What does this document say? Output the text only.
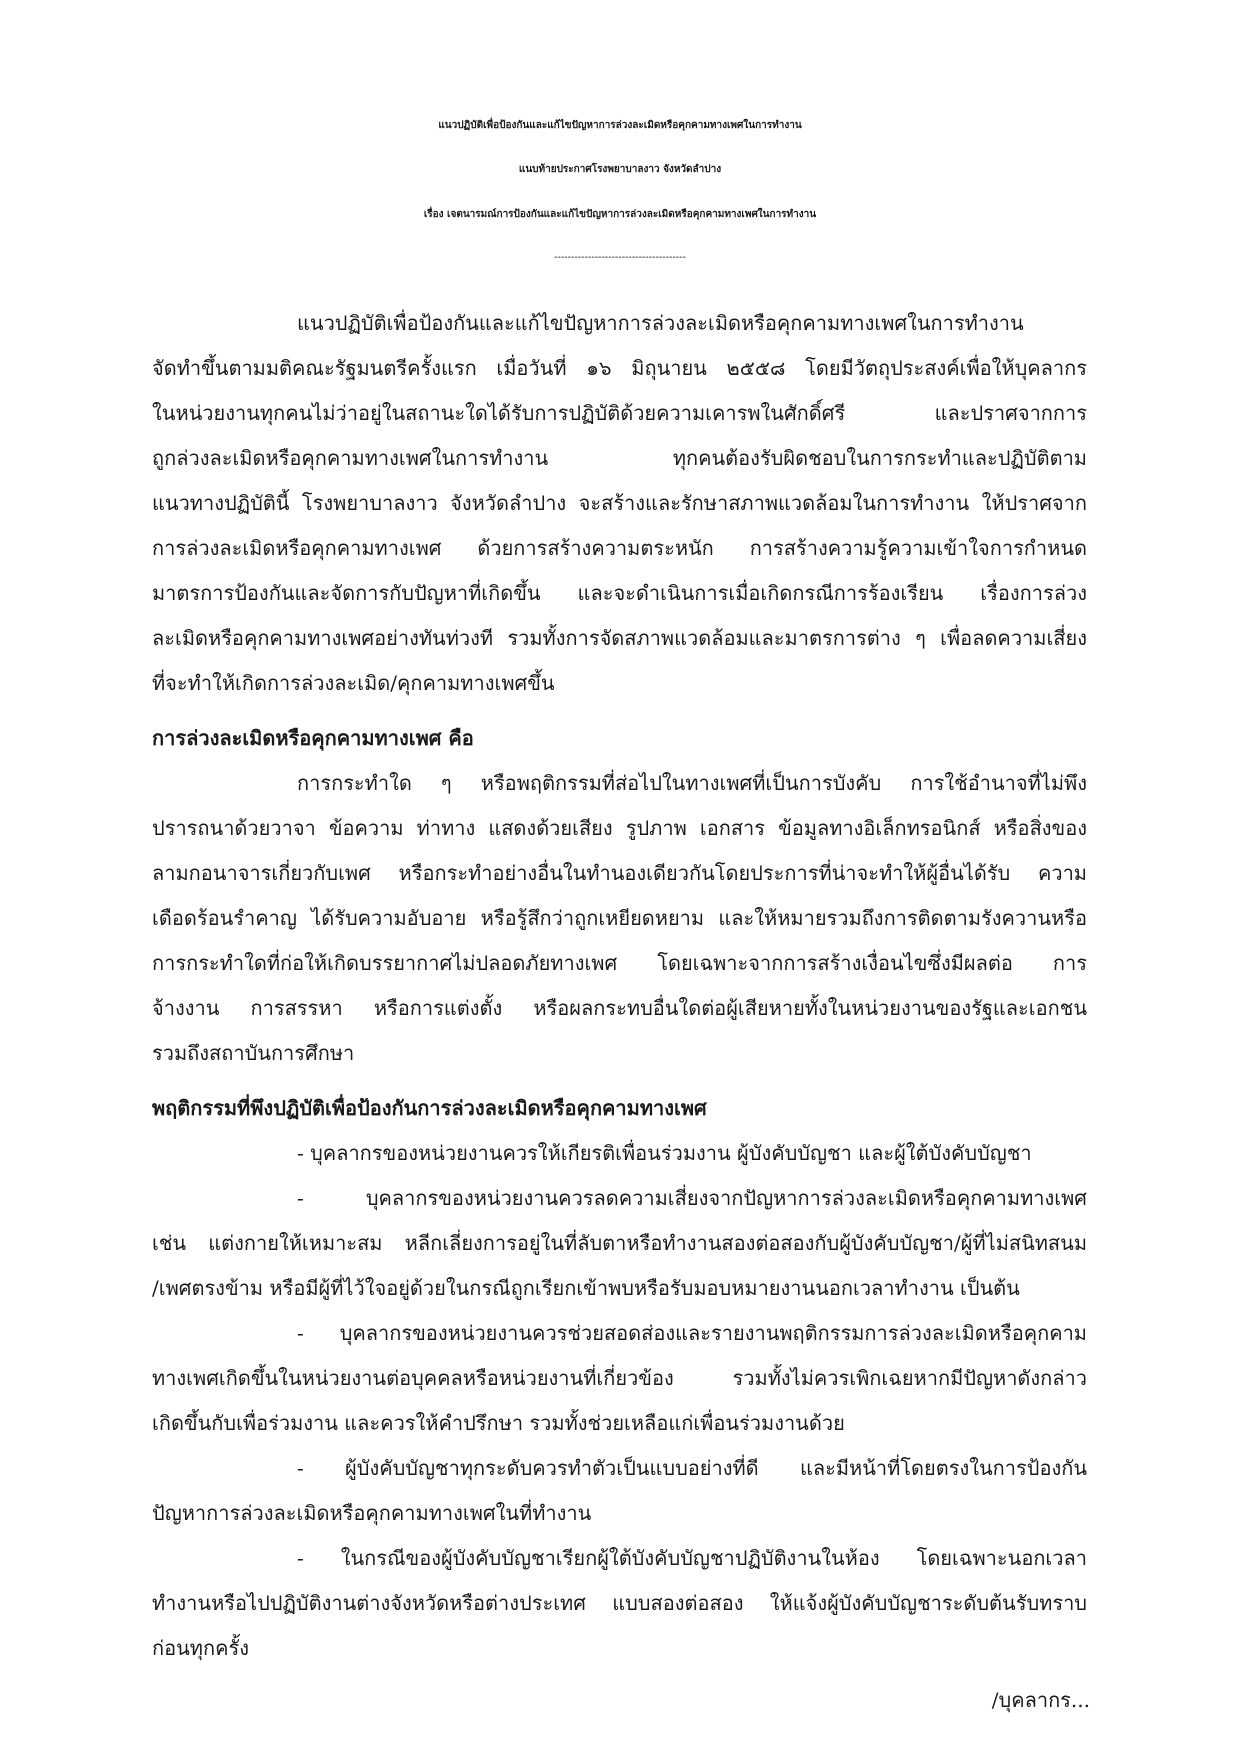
แนวปฏิบัติเพื่อป้องกันและแก้ไขปัญหาการล่วงละเมิดหรือคุกคามทางเพศในการทำงาน
แนบท้ายประกาศโรงพยาบาลงาว จังหวัดลำปาง
เรื่อง เจตนารมณ์การป้องกันและแก้ไขปัญหาการล่วงละเมิดหรือคุกคามทางเพศในการทำงาน
---------------------------------------
แนวปฏิบัติเพื่อป้องกันและแก้ไขปัญหาการล่วงละเมิดหรือคุกคามทางเพศในการทำงาน
จัดทำขึ้นตามมติคณะรัฐมนตรีครั้งแรก เมื่อวันที่ ๑๖ มิถุนายน ๒๕๕๘ โดยมีวัตถุประสงค์เพื่อให้บุคลากร
ในหน่วยงานทุกคนไม่ว่าอยู่ในสถานะใดได้รับการปฏิบัติด้วยความเคารพในศักดิ์ศรี และปราศจากการ
ถูกล่วงละเมิดหรือคุกคามทางเพศในการทำงาน ทุกคนต้องรับผิดชอบในการกระทำและปฏิบัติตาม
แนวทางปฏิบัตินี้ โรงพยาบาลงาว จังหวัดลำปาง จะสร้างและรักษาสภาพแวดล้อมในการทำงาน ให้ปราศจาก
การล่วงละเมิดหรือคุกคามทางเพศ ด้วยการสร้างความตระหนัก การสร้างความรู้ความเข้าใจการกำหนด
มาตรการป้องกันและจัดการกับปัญหาที่เกิดขึ้น และจะดำเนินการเมื่อเกิดกรณีการร้องเรียน เรื่องการล่วง
ละเมิดหรือคุกคามทางเพศอย่างทันท่วงที รวมทั้งการจัดสภาพแวดล้อมและมาตรการต่าง ๆ เพื่อลดความเสี่ยง
ที่จะทำให้เกิดการล่วงละเมิด/คุกคามทางเพศขึ้น
การล่วงละเมิดหรือคุกคามทางเพศ คือ
การกระทำใด ๆ หรือพฤติกรรมที่ส่อไปในทางเพศที่เป็นการบังคับ การใช้อำนาจที่ไม่พึง
ปรารถนาด้วยวาจา ข้อความ ท่าทาง แสดงด้วยเสียง รูปภาพ เอกสาร ข้อมูลทางอิเล็กทรอนิกส์ หรือสิ่งของ
ลามกอนาจารเกี่ยวกับเพศ หรือกระทำอย่างอื่นในทำนองเดียวกันโดยประการที่น่าจะทำให้ผู้อื่นได้รับ ความ
เดือดร้อนรำคาญ ได้รับความอับอาย หรือรู้สึกว่าถูกเหยียดหยาม และให้หมายรวมถึงการติดตามรังควานหรือ
การกระทำใดที่ก่อให้เกิดบรรยากาศไม่ปลอดภัยทางเพศ โดยเฉพาะจากการสร้างเงื่อนไขซึ่งมีผลต่อ การ
จ้างงาน การสรรหา หรือการแต่งตั้ง หรือผลกระทบอื่นใดต่อผู้เสียหายทั้งในหน่วยงานของรัฐและเอกชน
รวมถึงสถาบันการศึกษา
พฤติกรรมที่พึงปฏิบัติเพื่อป้องกันการล่วงละเมิดหรือคุกคามทางเพศ
- บุคลากรของหน่วยงานควรให้เกียรติเพื่อนร่วมงาน ผู้บังคับบัญชา และผู้ใต้บังคับบัญชา
- บุคลากรของหน่วยงานควรลดความเสี่ยงจากปัญหาการล่วงละเมิดหรือคุกคามทางเพศ
เช่น แต่งกายให้เหมาะสม หลีกเลี่ยงการอยู่ในที่ลับตาหรือทำงานสองต่อสองกับผู้บังคับบัญชา/ผู้ที่ไม่สนิทสนม
/เพศตรงข้าม หรือมีผู้ที่ไว้ใจอยู่ด้วยในกรณีถูกเรียกเข้าพบหรือรับมอบหมายงานนอกเวลาทำงาน เป็นต้น
- บุคลากรของหน่วยงานควรช่วยสอดส่องและรายงานพฤติกรรมการล่วงละเมิดหรือคุกคาม
ทางเพศเกิดขึ้นในหน่วยงานต่อบุคคลหรือหน่วยงานที่เกี่ยวข้อง รวมทั้งไม่ควรเพิกเฉยหากมีปัญหาดังกล่าว
เกิดขึ้นกับเพื่อร่วมงาน และควรให้คำปรึกษา รวมทั้งช่วยเหลือแก่เพื่อนร่วมงานด้วย
- ผู้บังคับบัญชาทุกระดับควรทำตัวเป็นแบบอย่างที่ดี และมีหน้าที่โดยตรงในการป้องกัน
ปัญหาการล่วงละเมิดหรือคุกคามทางเพศในที่ทำงาน
- ในกรณีของผู้บังคับบัญชาเรียกผู้ใต้บังคับบัญชาปฏิบัติงานในห้อง โดยเฉพาะนอกเวลา
ทำงานหรือไปปฏิบัติงานต่างจังหวัดหรือต่างประเทศ แบบสองต่อสอง ให้แจ้งผู้บังคับบัญชาระดับต้นรับทราบ
ก่อนทุกครั้ง
/บุคลากร...
